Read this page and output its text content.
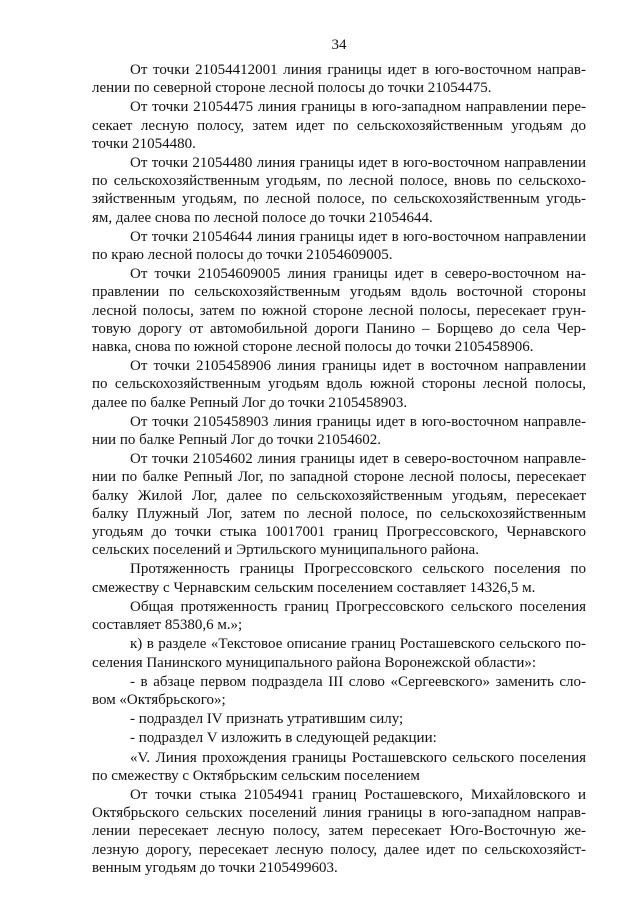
34
От точки 21054412001 линия границы идет в юго-восточном направ-
лении по северной стороне лесной полосы до точки 21054475.
От точки 21054475 линия границы в юго-западном направлении пере-
секает лесную полосу, затем идет по сельскохозяйственным угодьям до
точки 21054480.
От точки 21054480 линия границы идет в юго-восточном направлении
по сельскохозяйственным угодьям, по лесной полосе, вновь по сельскохо-
зяйственным угодьям, по лесной полосе, по сельскохозяйственным угодь-
ям, далее снова по лесной полосе до точки 21054644.
От точки 21054644 линия границы идет в юго-восточном направлении
по краю лесной полосы до точки 21054609005.
От точки 21054609005 линия границы идет в северо-восточном на-
правлении по сельскохозяйственным угодьям вдоль восточной стороны
лесной полосы, затем по южной стороне лесной полосы, пересекает грун-
товую дорогу от автомобильной дороги Панино – Борщево до села Чер-
навка, снова по южной стороне лесной полосы до точки 2105458906.
От точки 2105458906 линия границы идет в восточном направлении
по сельскохозяйственным угодьям вдоль южной стороны лесной полосы,
далее по балке Репный Лог до точки 2105458903.
От точки 2105458903 линия границы идет в юго-восточном направле-
нии по балке Репный Лог до точки 21054602.
От точки 21054602 линия границы идет в северо-восточном направле-
нии по балке Репный Лог, по западной стороне лесной полосы, пересекает
балку Жилой Лог, далее по сельскохозяйственным угодьям, пересекает
балку Плужный Лог, затем по лесной полосе, по сельскохозяйственным
угодьям до точки стыка 10017001 границ Прогрессовского, Чернавского
сельских поселений и Эртильского муниципального района.
Протяженность границы Прогрессовского сельского поселения по
смежеству с Чернавским сельским поселением составляет 14326,5 м.
Общая протяженность границ Прогрессовского сельского поселения
составляет 85380,6 м.»;
к) в разделе «Текстовое описание границ Росташевского сельского по-
селения Панинского муниципального района Воронежской области»:
- в абзаце первом подраздела III слово «Сергеевского» заменить сло-
вом «Октябрьского»;
- подраздел IV признать утратившим силу;
- подраздел V изложить в следующей редакции:
«V. Линия прохождения границы Росташевского сельского поселения
по смежеству с Октябрьским сельским поселением
От точки стыка 21054941 границ Росташевского, Михайловского и
Октябрьского сельских поселений линия границы в юго-западном направ-
лении пересекает лесную полосу, затем пересекает Юго-Восточную же-
лезную дорогу, пересекает лесную полосу, далее идет по сельскохозяйст-
венным угодьям до точки 2105499603.
